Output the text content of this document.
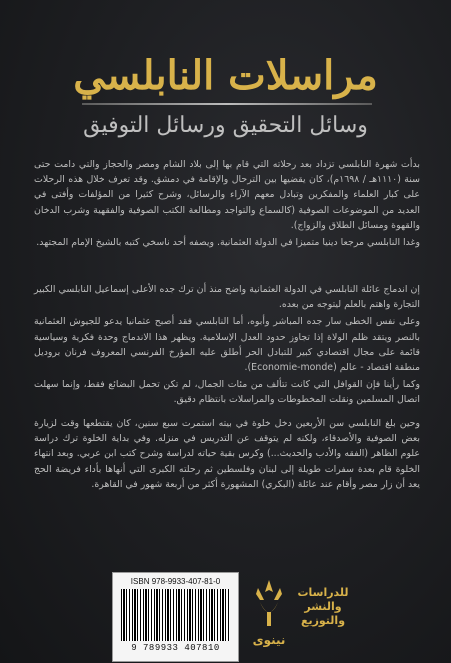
مراسلات النابلسي
وسائل التحقيق ورسائل التوفيق

بدأت شهرة النابلسي تزداد بعد رحلاته التي قام بها إلى بلاد الشام ومصر والحجاز والتي دامت حتى سنة (١١١٠هـ / ١٦٩٨م)، كان يقضيها بين الترحال والإقامة في دمشق. وقد تعرف خلال هذه الرحلات على كبار العلماء والمفكرين وتبادل معهم الآراء والرسائل، وشرح كثيرا من المؤلفات وأفتى في العديد من الموضوعات الصوفية (كالسماع والتواجد ومطالعة الكتب الصوفية والفقهية وشرب الدخان والقهوة ومسائل الطلاق والزواج).

وغدا النابلسي مرجعا دينيا متميزا في الدولة العثمانية. ويصفه أحد ناسخي كتبه بالشيخ الإمام المجتهد.

إن اندماج عائلة النابلسي في الدولة العثمانية واضح منذ أن ترك جده الأعلى إسماعيل النابلسي الكبير التجارة واهتم بالعلم ليتوجه من بعده.

وعلى نفس الخطى سار جده المباشر وأبوه، أما النابلسي فقد أصبح عثمانيا يدعو للجيوش العثمانية بالنصر ويتقد ظلم الولاة إذا تجاوز حدود العدل الإسلامية. ويظهر هذا الاندماج وحدة فكرية وسياسية قائمة على مجال اقتصادي كبير للتبادل الحر أطلق عليه المؤرخ الفرنسي المعروف فرنان بروديل منطقة اقتصاد - عالم (Economie-monde).

وكما رأينا فإن القوافل التي كانت تتألف من مئات الجمال، لم تكن تحمل البضائع فقط، وإنما سهلت اتصال المسلمين ونقلت المخطوطات والمراسلات بانتظام دقيق.

وحين بلغ النابلسي سن الأربعين دخل خلوة في بيته استمرت سبع سنين، كان يقتطعها وقت لزيارة بعض الصوفية والأصدقاء، ولكنه لم يتوقف عن التدريس في منزله. وفي بداية الخلوة ترك دراسة علوم الظاهر (الفقه والأدب والحديث...) وكرس بقية حياته لدراسة وشرح كتب ابن عربي. وبعد انتهاء الخلوة قام بعدة سفرات طويلة إلى لبنان وفلسطين ثم رحلته الكبرى التي أنهاها بأداء فريضة الحج يعد أن زار مصر وأقام عند عائلة (البكري) المشهورة أكثر من أربعة شهور في القاهرة.

ISBN 978-9933-407-81-0
9 789933 407810
نينوى
للدراسات
والنشر
والتوزيع
